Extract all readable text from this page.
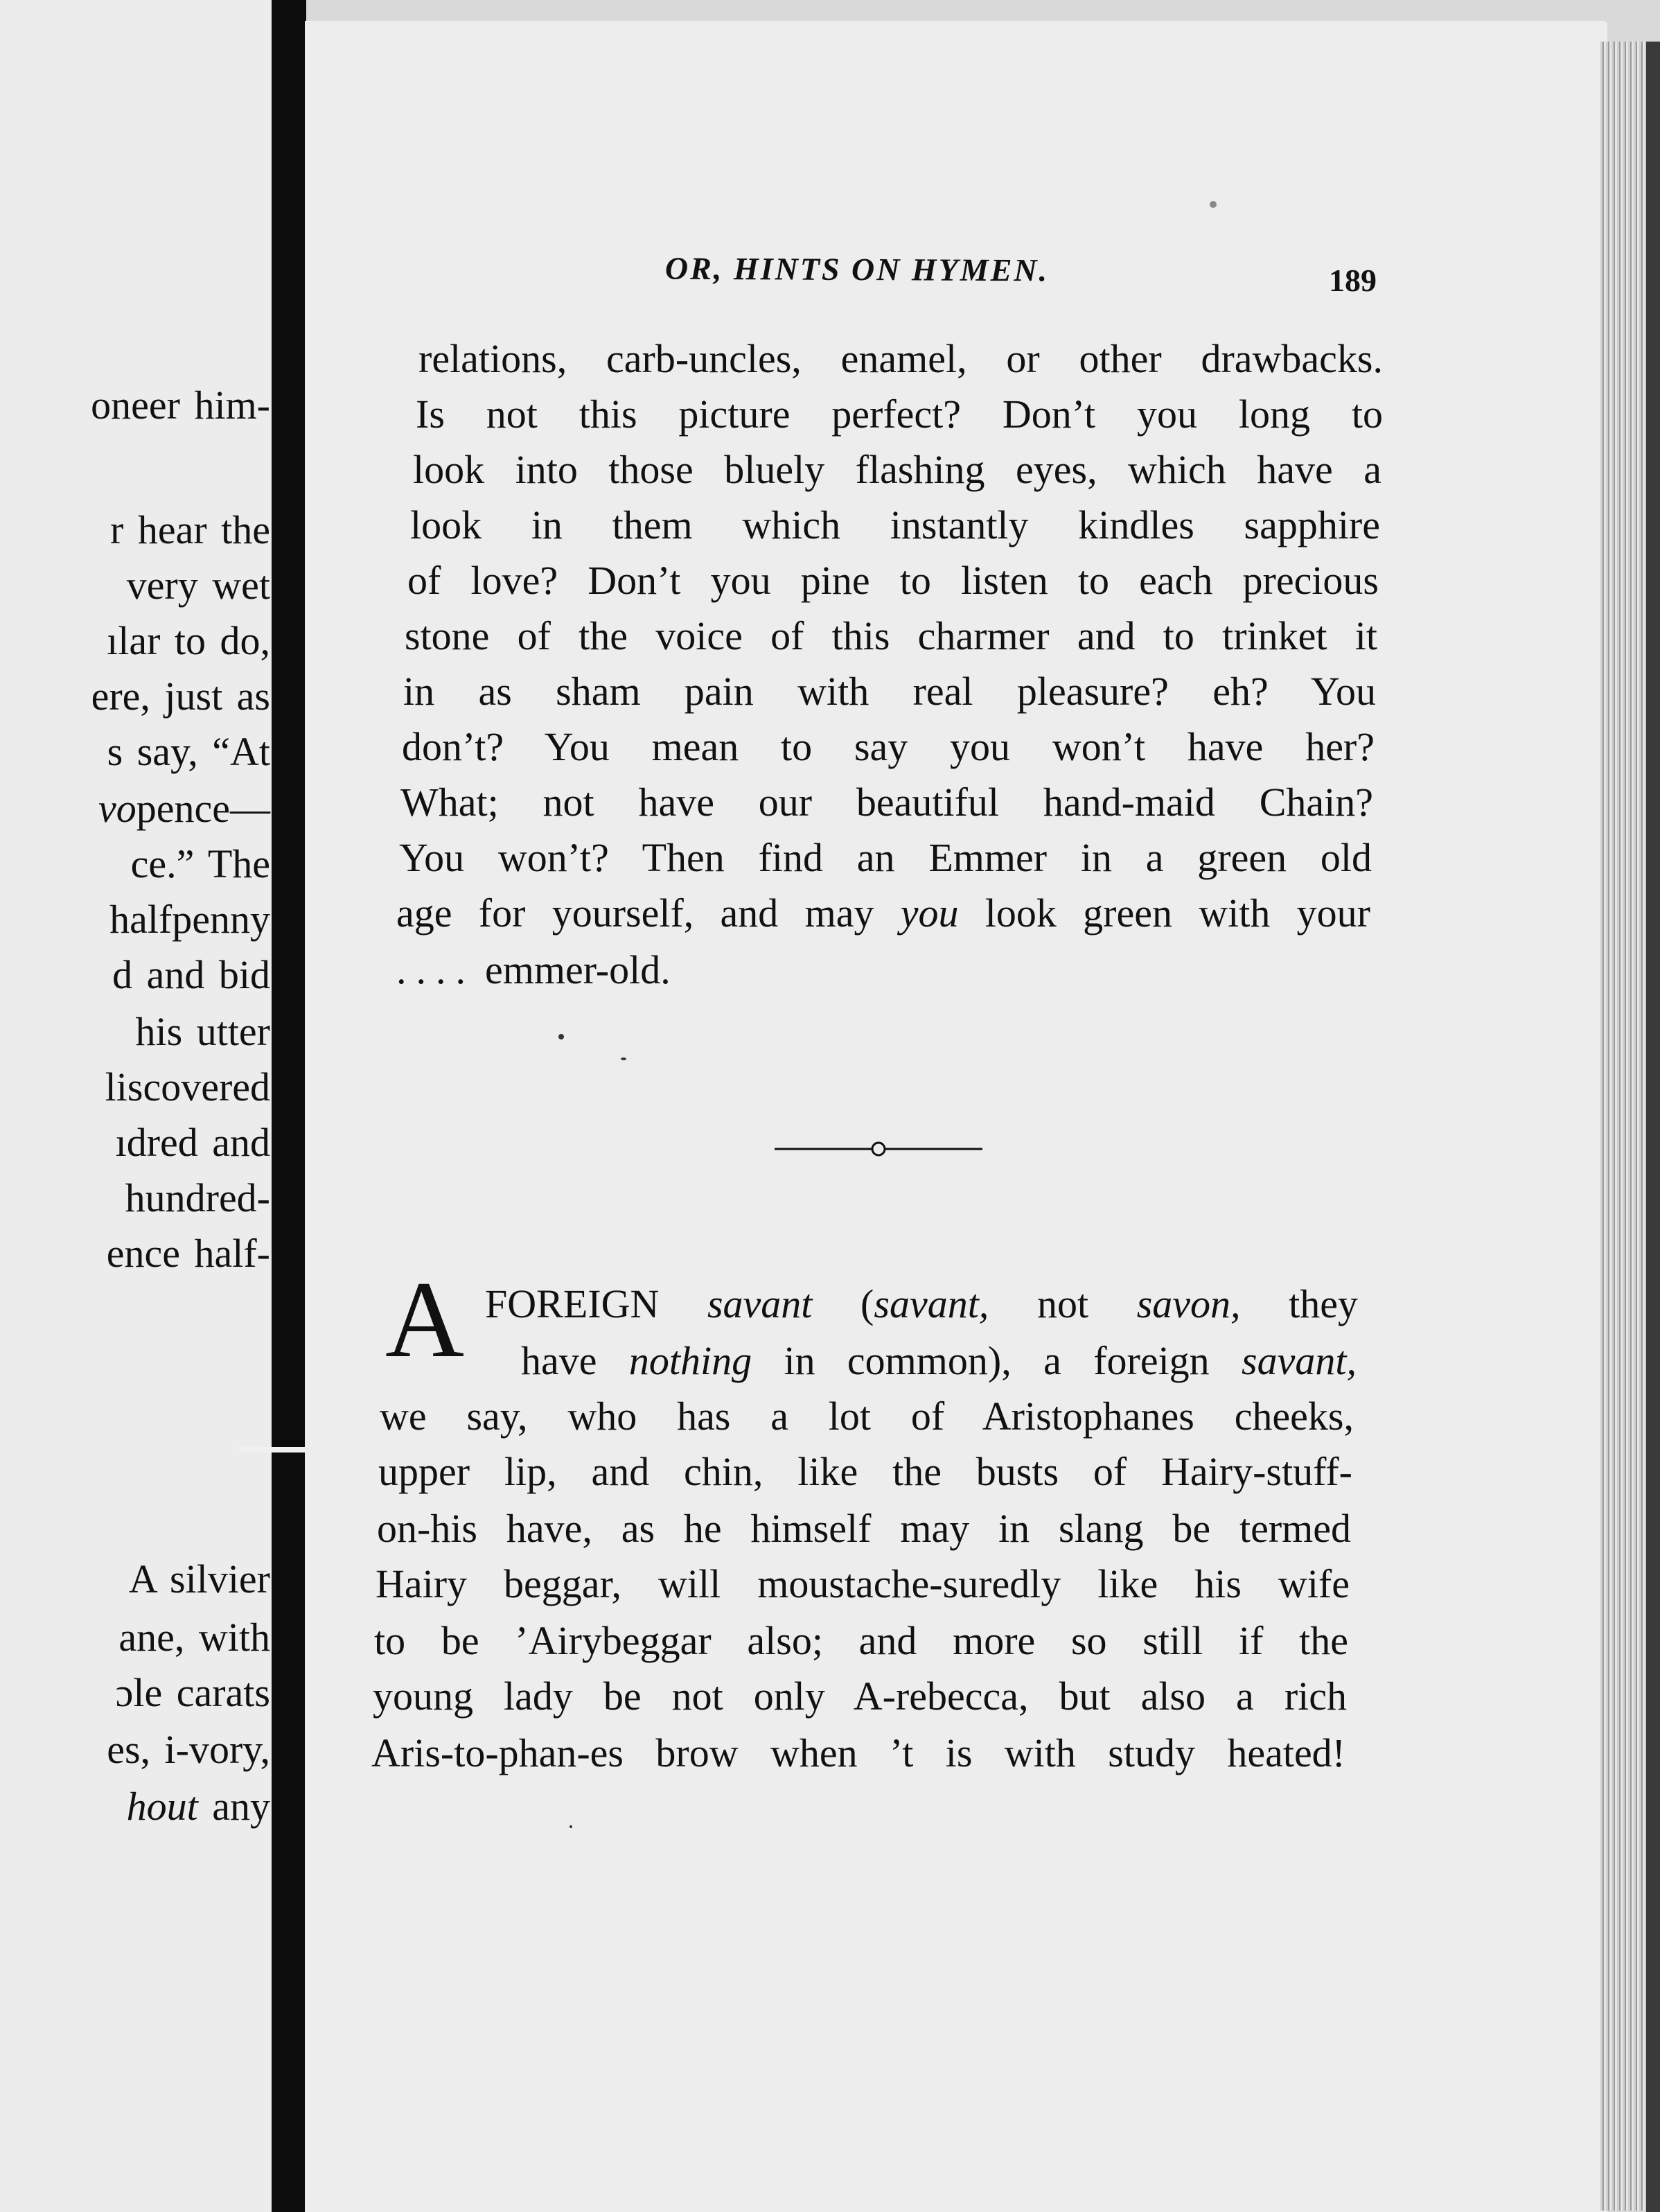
oneer him-
r hear the
very wet
ılar to do,
ere, just as
s say, “At
vopence—
ce.” The
halfpenny
d and bid
his utter
liscovered
ıdred and
hundred-
ence half-
A silvier
ane, with
ɔle carats
es, i-vory,
hout any
OR, HINTS ON HYMEN.	189
relations, carb-uncles, enamel, or other drawbacks.
Is not this picture perfect? Don’t you long to
look into those bluely flashing eyes, which have a
look in them which instantly kindles sapphire
of love? Don’t you pine to listen to each precious
stone of the voice of this charmer and to trinket it
in as sham pain with real pleasure? eh? You
don’t? You mean to say you won’t have her?
What; not have our beautiful hand-maid Chain?
You won’t? Then find an Emmer in a green old
age for yourself, and may you look green with your
.... emmer-old.
A FOREIGN savant (savant, not savon, they
have nothing in common), a foreign savant,
we say, who has a lot of Aristophanes cheeks,
upper lip, and chin, like the busts of Hairy-stuff-
on-his have, as he himself may in slang be termed
Hairy beggar, will moustache-suredly like his wife
to be ’Airybeggar also; and more so still if the
young lady be not only A-rebecca, but also a rich
Aris-to-phan-es brow when ’t is with study heated!
